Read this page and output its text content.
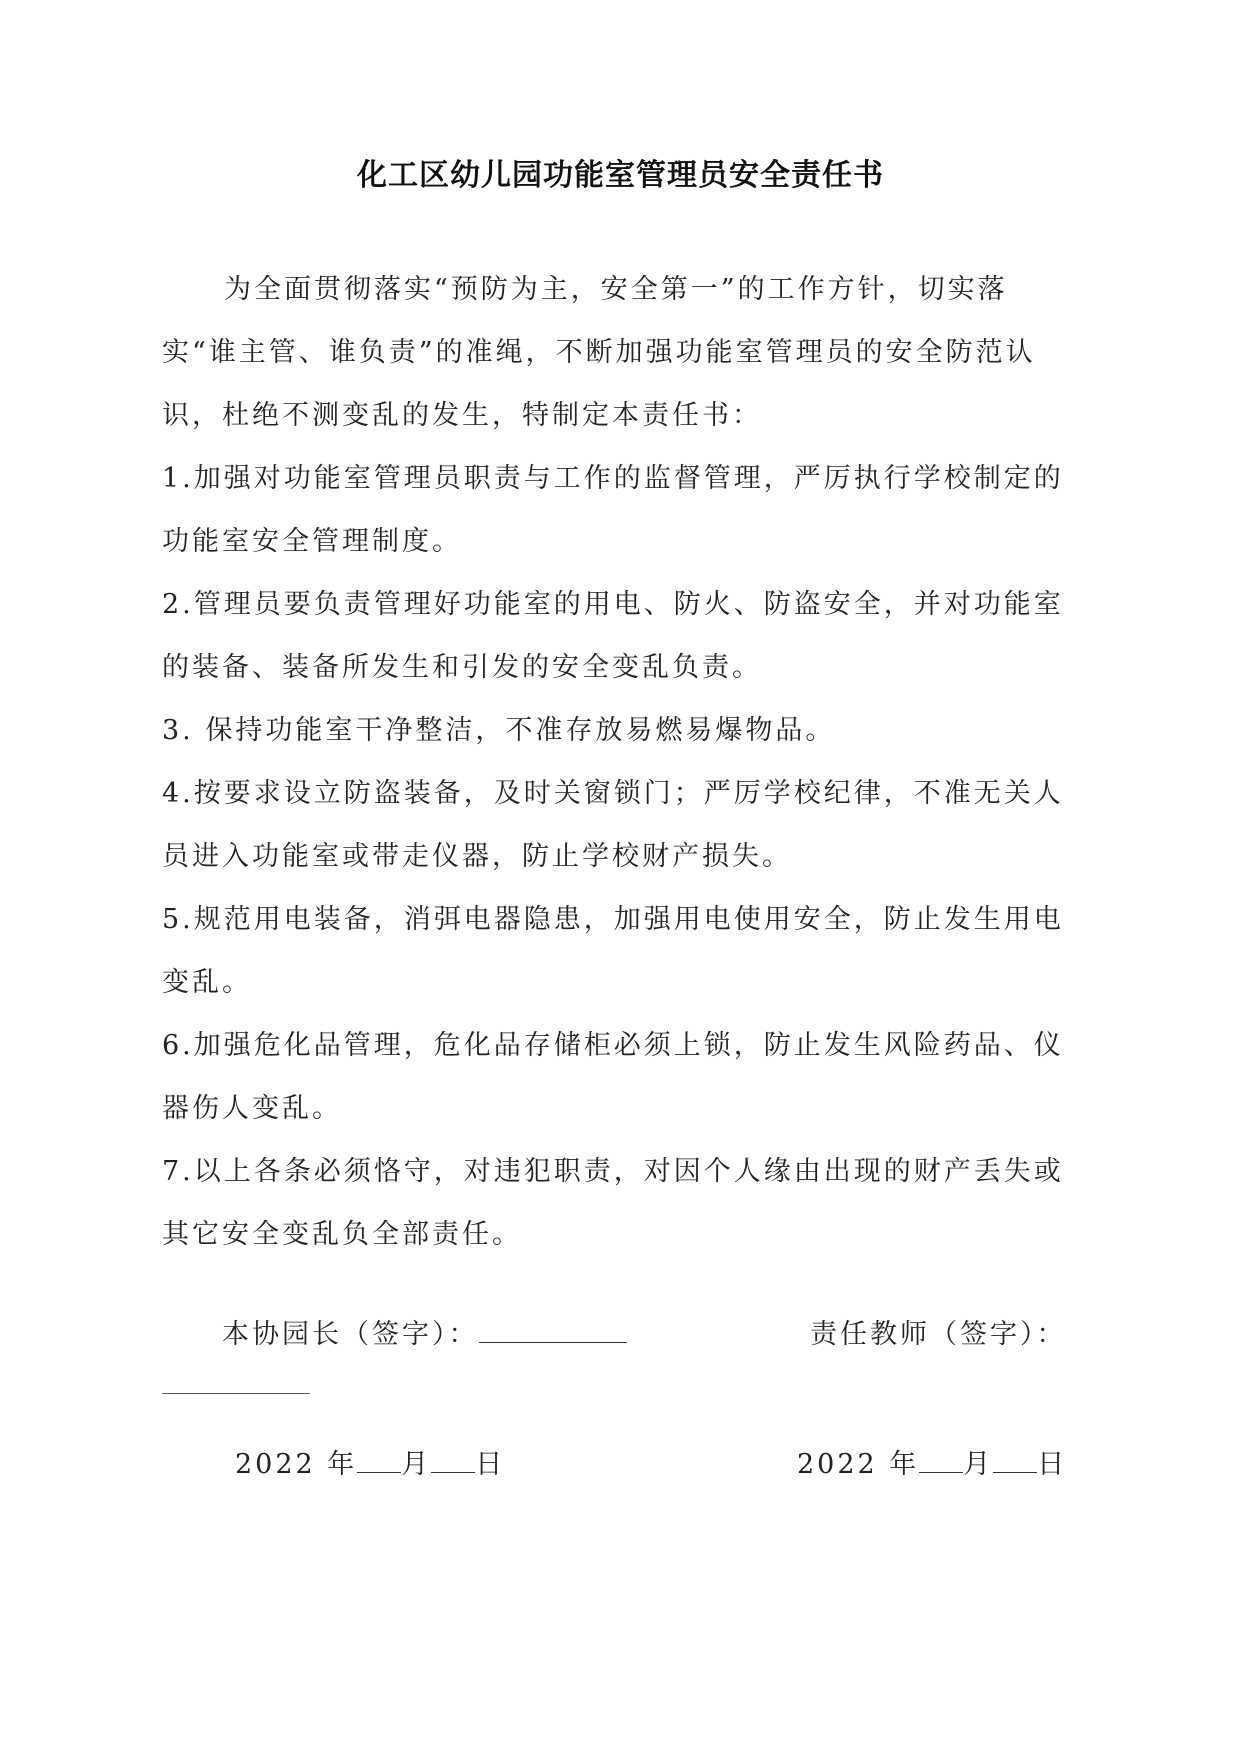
化工区幼儿园功能室管理员安全责任书

为全面贯彻落实“预防为主，安全第一”的工作方针，切实落实“谁主管、谁负责”的准绳，不断加强功能室管理员的安全防范认识，杜绝不测变乱的发生，特制定本责任书：

1.加强对功能室管理员职责与工作的监督管理，严厉执行学校制定的功能室安全管理制度。

2.管理员要负责管理好功能室的用电、防火、防盗安全，并对功能室的装备、装备所发生和引发的安全变乱负责。

3. 保持功能室干净整洁，不准存放易燃易爆物品。

4.按要求设立防盗装备，及时关窗锁门；严厉学校纪律，不准无关人员进入功能室或带走仪器，防止学校财产损失。

5.规范用电装备，消弭电器隐患，加强用电使用安全，防止发生用电变乱。

6.加强危化品管理，危化品存储柜必须上锁，防止发生风险药品、仪器伤人变乱。

7.以上各条必须恪守，对违犯职责，对因个人缘由出现的财产丢失或其它安全变乱负全部责任。

本协园长（签字）：	责任教师（签字）：
2022 年 月 日	2022 年 月 日
